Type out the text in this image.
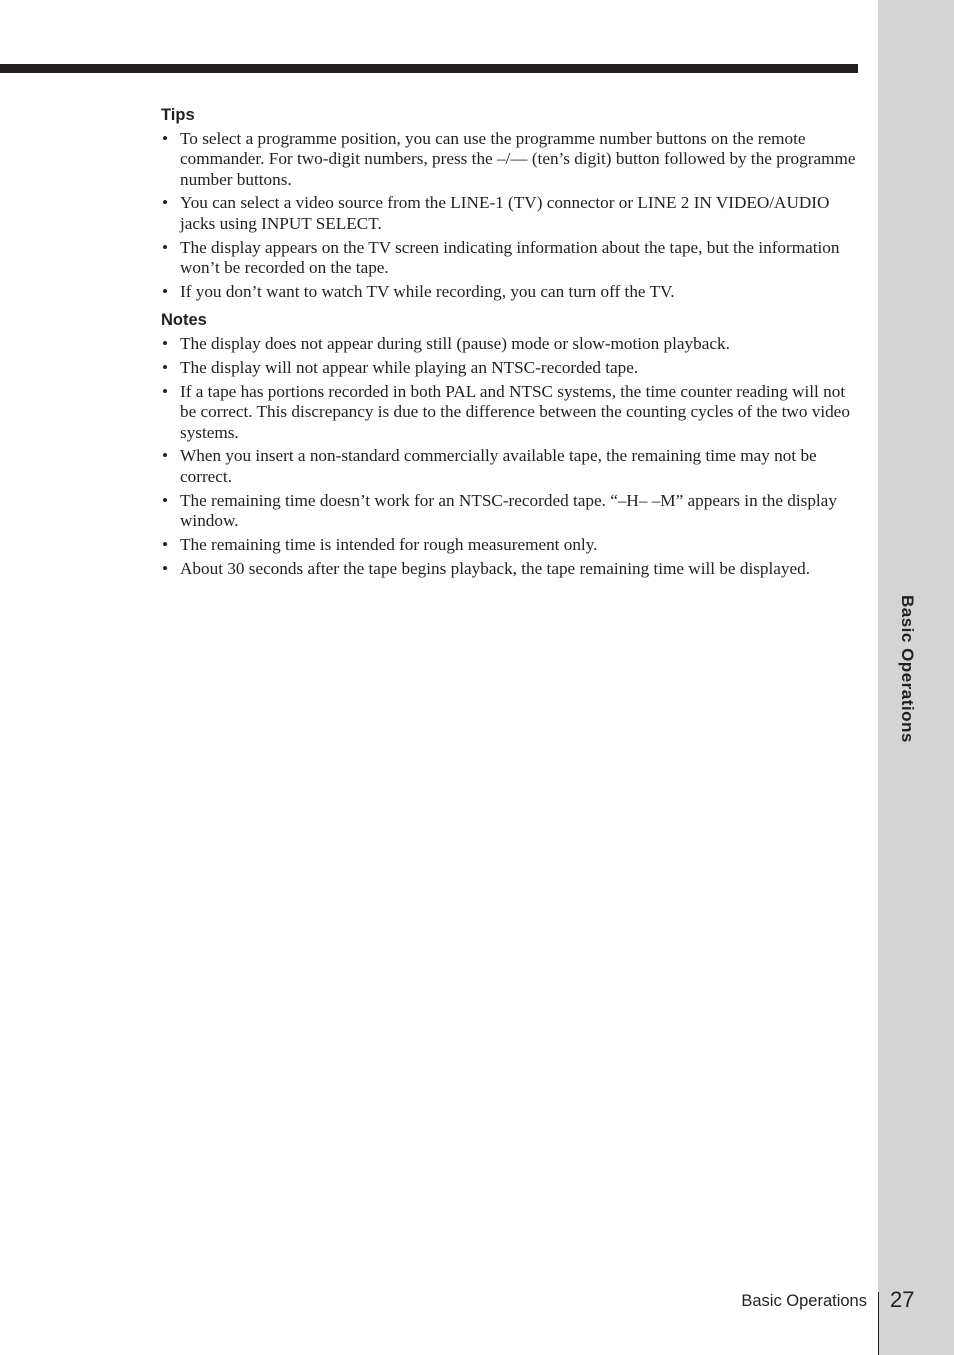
Basic Operations
Tips
• To select a programme position, you can use the programme number buttons on the remote commander. For two-digit numbers, press the –/–– (ten’s digit) button followed by the programme number buttons.
• You can select a video source from the LINE-1 (TV) connector or LINE 2 IN VIDEO/AUDIO jacks using INPUT SELECT.
• The display appears on the TV screen indicating information about the tape, but the information won’t be recorded on the tape.
• If you don’t want to watch TV while recording, you can turn off the TV.
Notes
• The display does not appear during still (pause) mode or slow-motion playback.
• The display will not appear while playing an NTSC-recorded tape.
• If a tape has portions recorded in both PAL and NTSC systems, the time counter reading will not be correct. This discrepancy is due to the difference between the counting cycles of the two video systems.
• When you insert a non-standard commercially available tape, the remaining time may not be correct.
• The remaining time doesn’t work for an NTSC-recorded tape. “–H– –M” appears in the display window.
• The remaining time is intended for rough measurement only.
• About 30 seconds after the tape begins playback, the tape remaining time will be displayed.
Basic Operations 27
